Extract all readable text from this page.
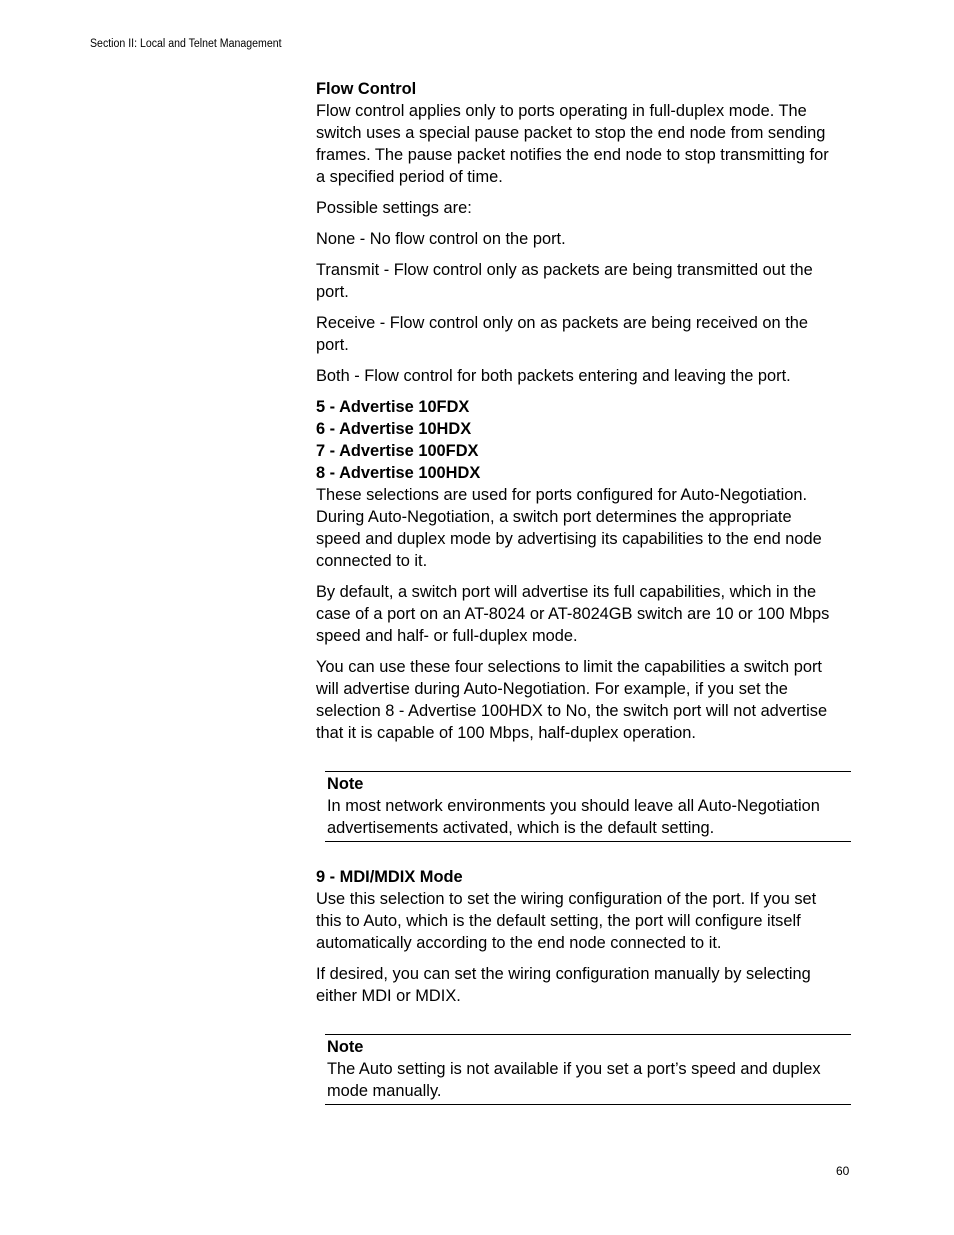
Section II: Local and Telnet Management
Flow Control

Flow control applies only to ports operating in full-duplex mode. The switch uses a special pause packet to stop the end node from sending frames. The pause packet notifies the end node to stop transmitting for a specified period of time.

Possible settings are:

None - No flow control on the port.

Transmit - Flow control only as packets are being transmitted out the port.

Receive - Flow control only on as packets are being received on the port.

Both - Flow control for both packets entering and leaving the port.

5 - Advertise 10FDX
6 - Advertise 10HDX
7 - Advertise 100FDX
8 - Advertise 100HDX

These selections are used for ports configured for Auto-Negotiation. During Auto-Negotiation, a switch port determines the appropriate speed and duplex mode by advertising its capabilities to the end node connected to it.

By default, a switch port will advertise its full capabilities, which in the case of a port on an AT-8024 or AT-8024GB switch are 10 or 100 Mbps speed and half- or full-duplex mode.

You can use these four selections to limit the capabilities a switch port will advertise during Auto-Negotiation. For example, if you set the selection 8 - Advertise 100HDX to No, the switch port will not advertise that it is capable of 100 Mbps, half-duplex operation.

Note

In most network environments you should leave all Auto-Negotiation advertisements activated, which is the default setting.

9 - MDI/MDIX Mode

Use this selection to set the wiring configuration of the port. If you set this to Auto, which is the default setting, the port will configure itself automatically according to the end node connected to it.

If desired, you can set the wiring configuration manually by selecting either MDI or MDIX.

Note

The Auto setting is not available if you set a port’s speed and duplex mode manually.

60
